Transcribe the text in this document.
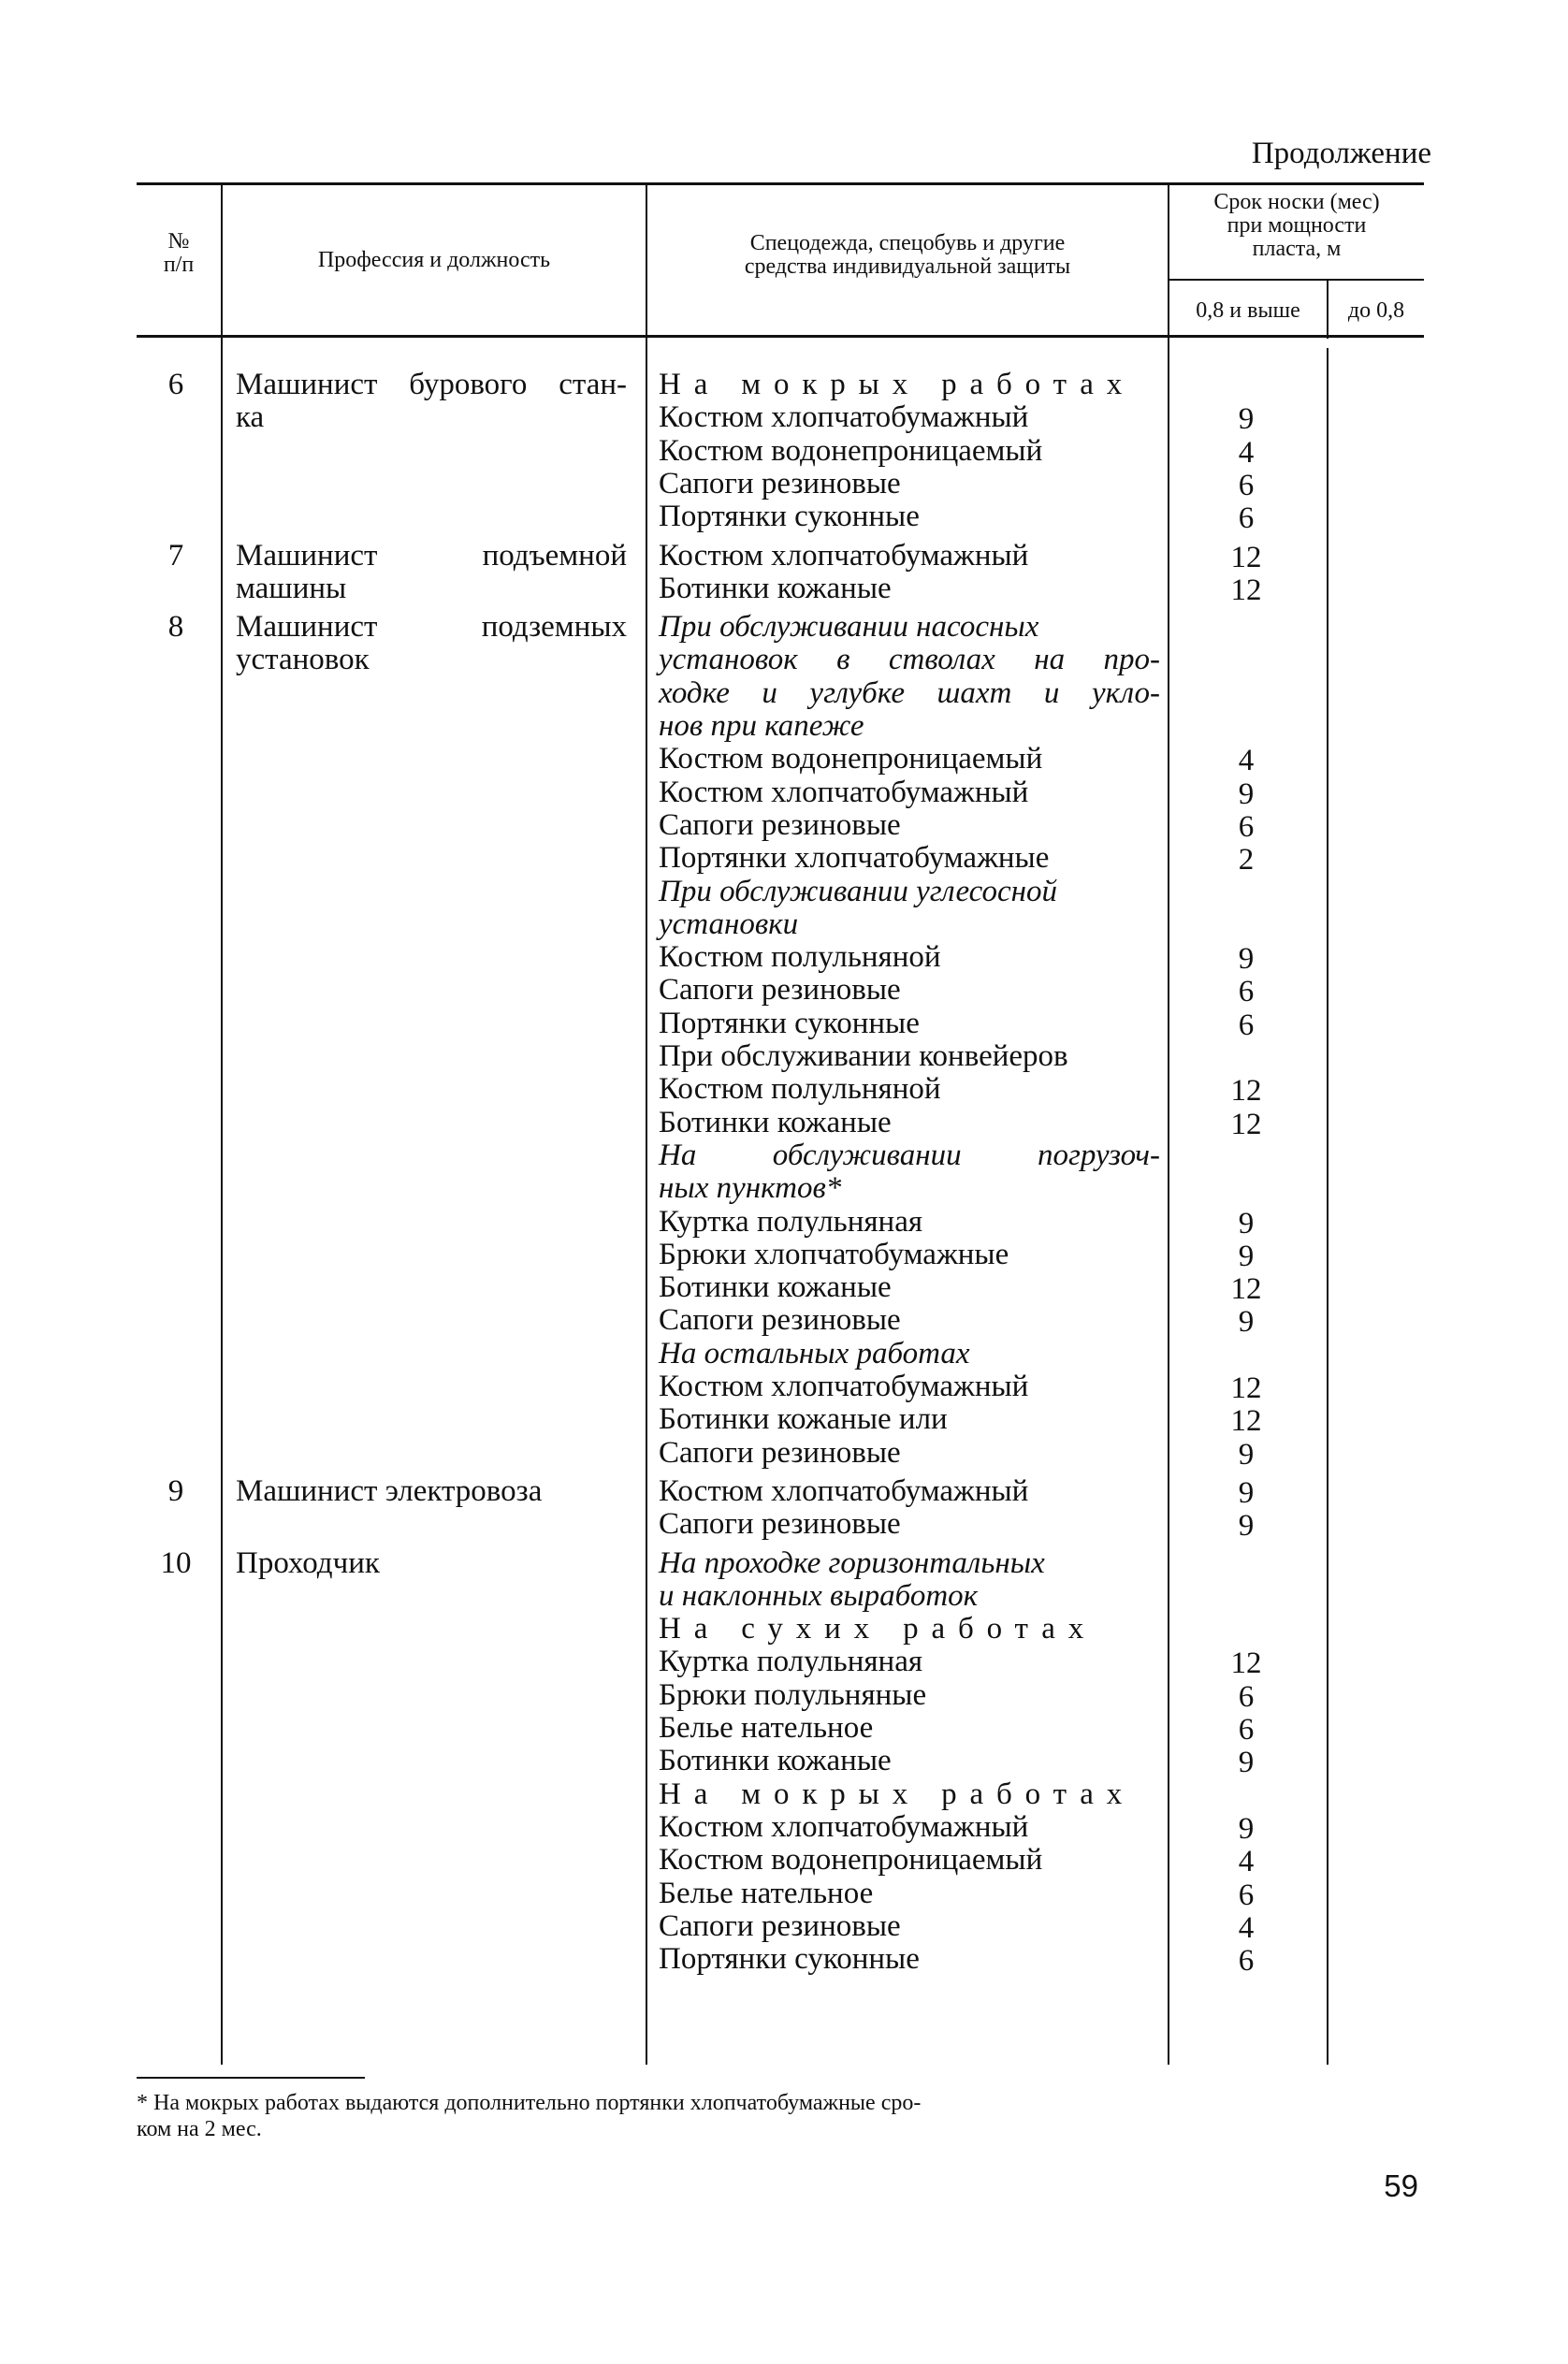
Продолжение
№
п/п	Профессия и должность
Спецодежда, спецобувь и другие
средства индивидуальной защиты
Срок носки (мес)
при мощности
пласта, м
0,8 и выше	до 0,8
6	Машинист бурового стан-
ка
На мокрых работах
Костюм хлопчатобумажный	9
Костюм водонепроницаемый	4
Сапоги резиновые	6
Портянки суконные	6
7	Машинист подъемной
машины
Костюм хлопчатобумажный	12
Ботинки кожаные	12
8	Машинист подземных
установок
При обслуживании насосных
установок в стволах на про-
ходке и углубке шахт и укло-
нов при капеже
Костюм водонепроницаемый	4
Костюм хлопчатобумажный	9
Сапоги резиновые	6
Портянки хлопчатобумажные	2
При обслуживании углесосной
установки
Костюм полульняной	9
Сапоги резиновые	6
Портянки суконные	6
При обслуживании конвейеров
Костюм полульняной	12
Ботинки кожаные	12
На обслуживании погрузоч-
ных пунктов*
Куртка полульняная	9
Брюки хлопчатобумажные	9
Ботинки кожаные	12
Сапоги резиновые	9
На остальных работах
Костюм хлопчатобумажный	12
Ботинки кожаные или	12
Сапоги резиновые	9
9	Машинист электровоза	Костюм хлопчатобумажный	9
Сапоги резиновые	9
10	Проходчик	На проходке горизонтальных
и наклонных выработок
На сухих работах
Куртка полульняная	12
Брюки полульняные	6
Белье нательное	6
Ботинки кожаные	9
На мокрых работах
Костюм хлопчатобумажный	9
Костюм водонепроницаемый	4
Белье нательное	6
Сапоги резиновые	4
Портянки суконные	6
* На мокрых работах выдаются дополнительно портянки хлопчатобумажные сро-
ком на 2 мес.
59
